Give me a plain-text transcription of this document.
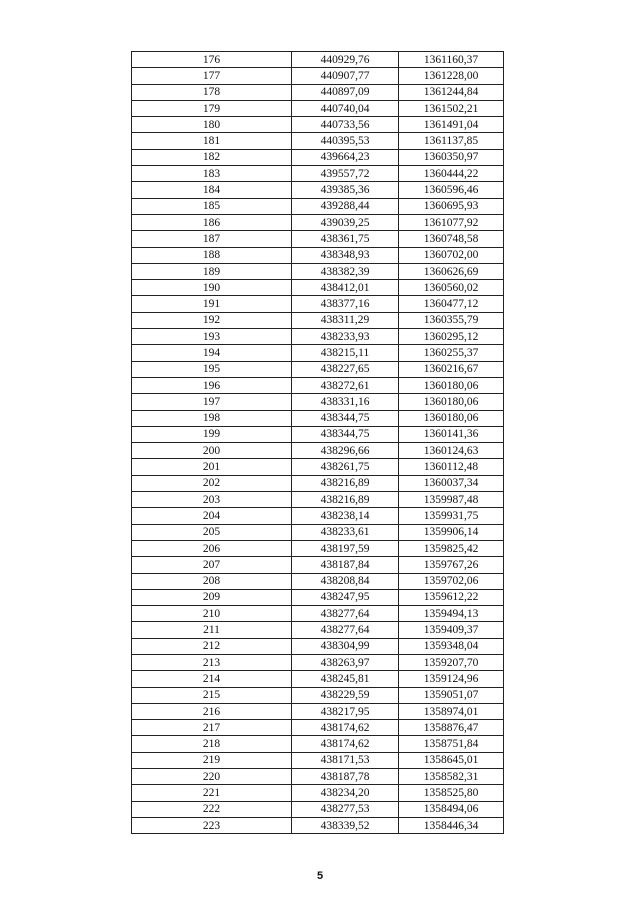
176	440929,76	1361160,37
177	440907,77	1361228,00
178	440897,09	1361244,84
179	440740,04	1361502,21
180	440733,56	1361491,04
181	440395,53	1361137,85
182	439664,23	1360350,97
183	439557,72	1360444,22
184	439385,36	1360596,46
185	439288,44	1360695,93
186	439039,25	1361077,92
187	438361,75	1360748,58
188	438348,93	1360702,00
189	438382,39	1360626,69
190	438412,01	1360560,02
191	438377,16	1360477,12
192	438311,29	1360355,79
193	438233,93	1360295,12
194	438215,11	1360255,37
195	438227,65	1360216,67
196	438272,61	1360180,06
197	438331,16	1360180,06
198	438344,75	1360180,06
199	438344,75	1360141,36
200	438296,66	1360124,63
201	438261,75	1360112,48
202	438216,89	1360037,34
203	438216,89	1359987,48
204	438238,14	1359931,75
205	438233,61	1359906,14
206	438197,59	1359825,42
207	438187,84	1359767,26
208	438208,84	1359702,06
209	438247,95	1359612,22
210	438277,64	1359494,13
211	438277,64	1359409,37
212	438304,99	1359348,04
213	438263,97	1359207,70
214	438245,81	1359124,96
215	438229,59	1359051,07
216	438217,95	1358974,01
217	438174,62	1358876,47
218	438174,62	1358751,84
219	438171,53	1358645,01
220	438187,78	1358582,31
221	438234,20	1358525,80
222	438277,53	1358494,06
223	438339,52	1358446,34
5
